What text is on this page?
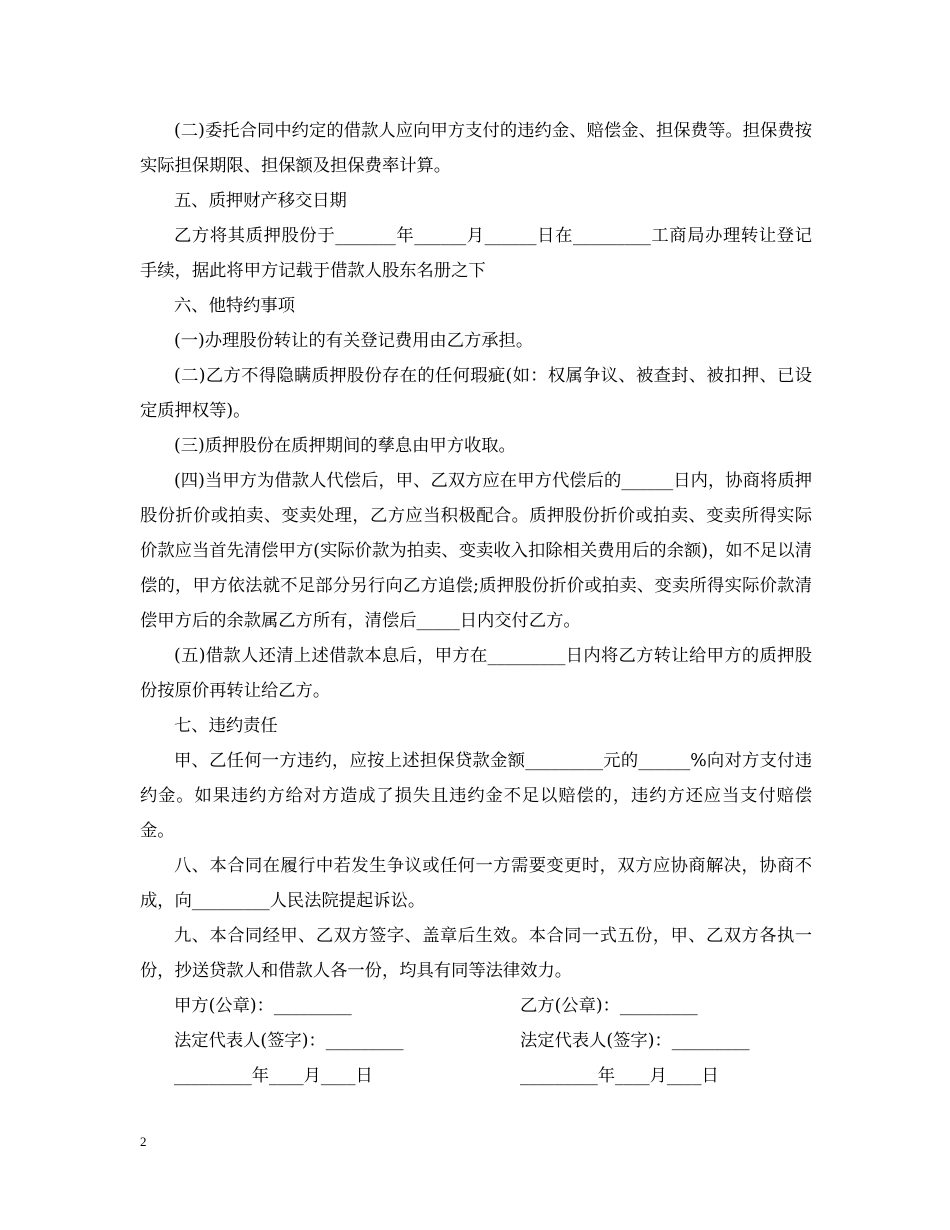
(二)委托合同中约定的借款人应向甲方支付的违约金、赔偿金、担保费等。担保费按实际担保期限、担保额及担保费率计算。

五、质押财产移交日期

乙方将其质押股份于_______年______月______日在_________工商局办理转让登记手续，据此将甲方记载于借款人股东名册之下

六、他特约事项

(一)办理股份转让的有关登记费用由乙方承担。

(二)乙方不得隐瞒质押股份存在的任何瑕疵(如：权属争议、被查封、被扣押、已设定质押权等)。

(三)质押股份在质押期间的孳息由甲方收取。

(四)当甲方为借款人代偿后，甲、乙双方应在甲方代偿后的______日内，协商将质押股份折价或拍卖、变卖处理，乙方应当积极配合。质押股份折价或拍卖、变卖所得实际价款应当首先清偿甲方(实际价款为拍卖、变卖收入扣除相关费用后的余额)，如不足以清偿的，甲方依法就不足部分另行向乙方追偿;质押股份折价或拍卖、变卖所得实际价款清偿甲方后的余款属乙方所有，清偿后_____日内交付乙方。

(五)借款人还清上述借款本息后，甲方在_________日内将乙方转让给甲方的质押股份按原价再转让给乙方。

七、违约责任

甲、乙任何一方违约，应按上述担保贷款金额_________元的______%向对方支付违约金。如果违约方给对方造成了损失且违约金不足以赔偿的，违约方还应当支付赔偿金。

八、本合同在履行中若发生争议或任何一方需要变更时，双方应协商解决，协商不成，向_________人民法院提起诉讼。

九、本合同经甲、乙双方签字、盖章后生效。本合同一式五份，甲、乙双方各执一份，抄送贷款人和借款人各一份，均具有同等法律效力。

甲方(公章)：_________

	乙方(公章)：_________

法定代表人(签字)：_________

	法定代表人(签字)：_________

_________年____月____日

	_________年____月____日

2
